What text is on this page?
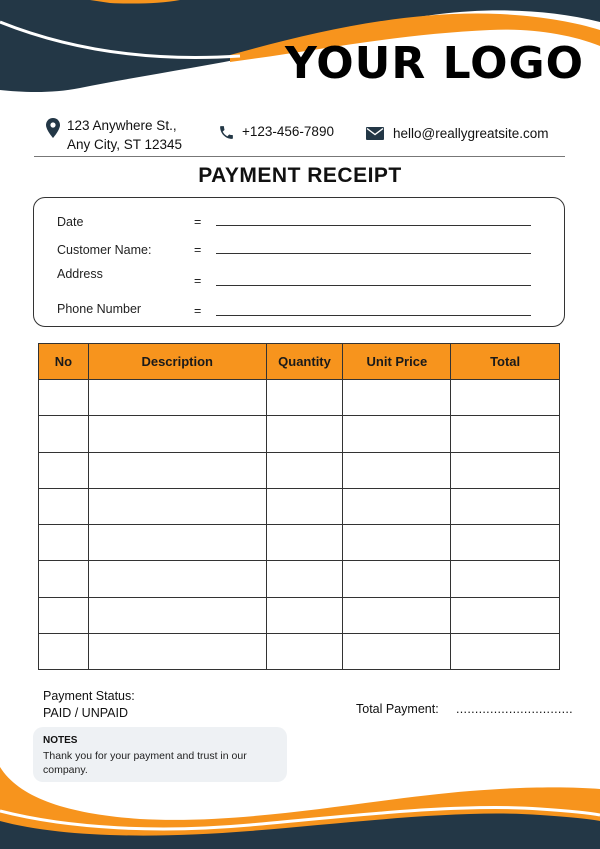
YOUR LOGO
123 Anywhere St.,
Any City, ST 12345
+123-456-7890	hello@reallygreatsite.com
PAYMENT RECEIPT
Date	=
Customer Name:	=
Address	=
Phone Number	=
No	Description	Quantity	Unit Price	Total

Payment Status:
PAID / UNPAID	Total Payment: ...............................
NOTES
Thank you for your payment and trust in our company.
